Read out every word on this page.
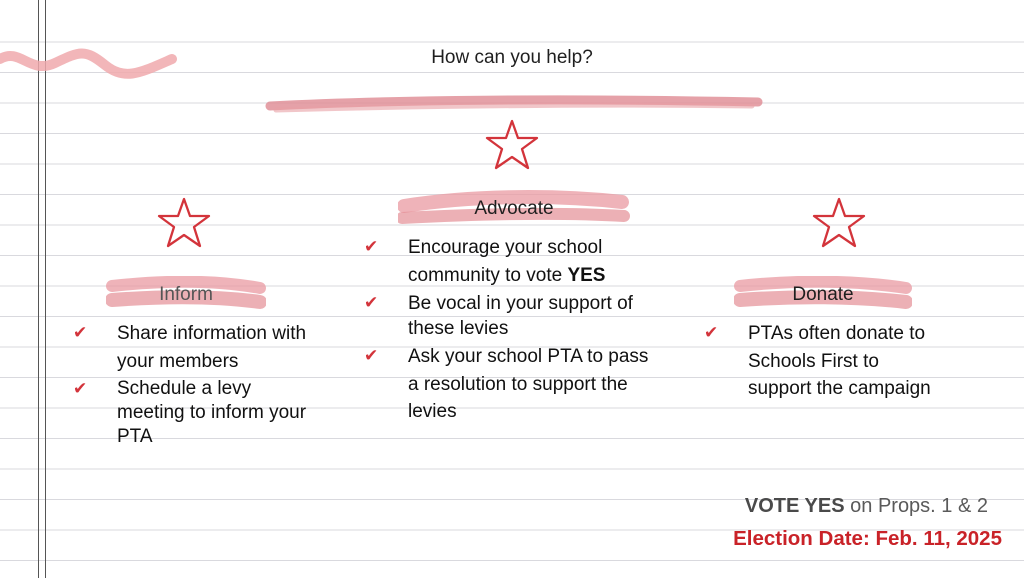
How can you help?
Advocate
Inform	Donate
✔ Encourage your school community to vote YES
✔ Be vocal in your support of these levies
✔ Ask your school PTA to pass a resolution to support the levies
✔ Share information with your members
✔ Schedule a levy meeting to inform your PTA
✔ PTAs often donate to Schools First to support the campaign
VOTE YES on Props. 1 & 2
Election Date: Feb. 11, 2025
